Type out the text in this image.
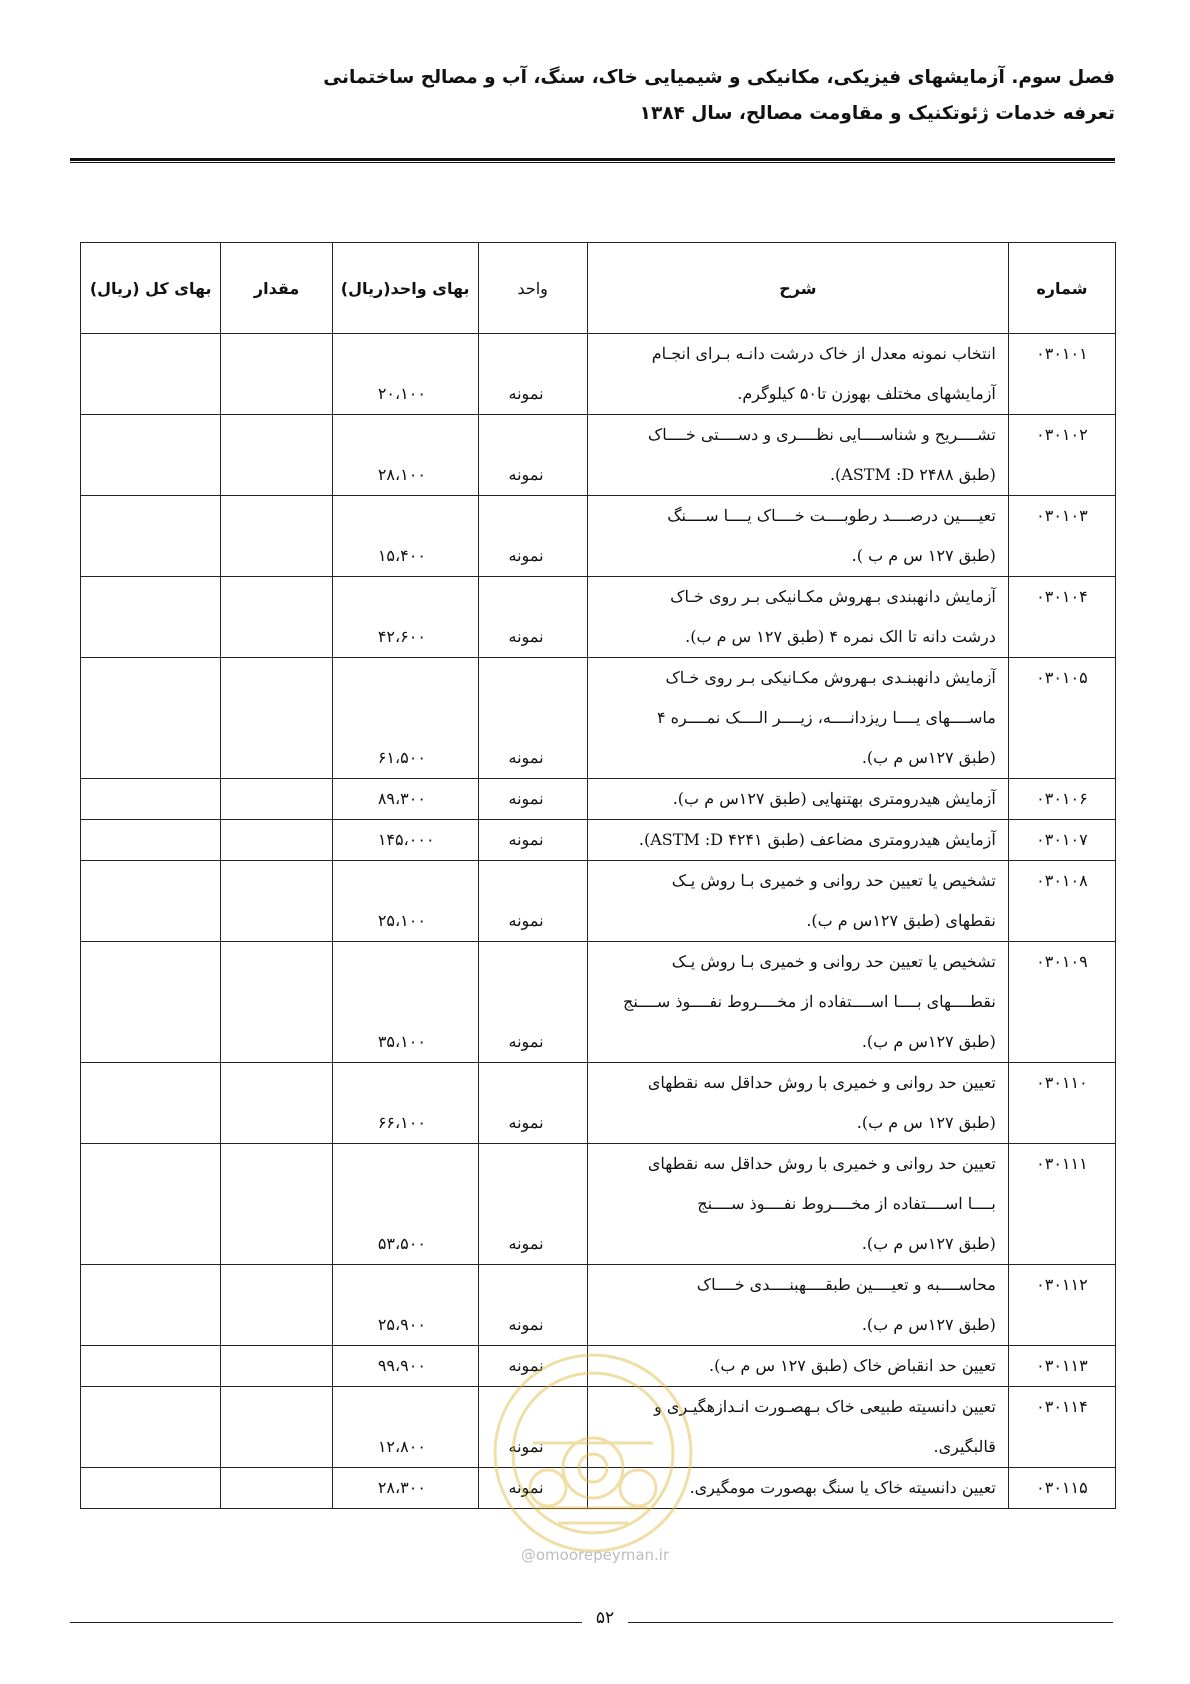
فصل سوم. آزمایشهای فیزیکی، مکانیکی و شیمیایی خاک، سنگ، آب و مصالح ساختمانی
تعرفه خدمات ژئوتکنیک و مقاومت مصالح، سال ۱۳۸۴
شماره	شرح	واحد	بهای واحد(ریال)	مقدار	بهای کل (ریال)
۰۳۰۱۰۱	انتخاب نمونه معدل از خاک درشت دانـه بـرای انجـام
آزمایشهای مختلف بهوزن تا۵۰ کیلوگرم.	نمونه	۲۰،۱۰۰		
۰۳۰۱۰۲	تشــــریح و شناســــایی نظــــری و دســــتی خــــاک
(طبق ASTM :D ۲۴۸۸).	نمونه	۲۸،۱۰۰		
۰۳۰۱۰۳	تعیــــین درصــــد رطوبــــت خــــاک یــــا ســــنگ
(طبق ۱۲۷ س م ب ).	نمونه	۱۵،۴۰۰		
۰۳۰۱۰۴	آزمایش دانهبندی بـهروش مکـانیکی بـر روی خـاک
درشت دانه تا الک نمره ۴ (طبق ۱۲۷ س م ب).	نمونه	۴۲،۶۰۰		
۰۳۰۱۰۵	آزمایش دانهبنـدی بـهروش مکـانیکی بـر روی خـاک
ماســــهای یــــا ریزدانــــه، زیــــر الــــک نمــــره ۴
(طبق ۱۲۷س م ب).	نمونه	۶۱،۵۰۰		
۰۳۰۱۰۶	آزمایش هیدرومتری بهتنهایی (طبق ۱۲۷س م ب).	نمونه	۸۹،۳۰۰		
۰۳۰۱۰۷	آزمایش هیدرومتری مضاعف (طبق ۴۲۴۱ ASTM :D).	نمونه	۱۴۵،۰۰۰		
۰۳۰۱۰۸	تشخیص یا تعیین حد روانی و خمیری بـا روش یـک
نقطهای (طبق ۱۲۷س م ب).	نمونه	۲۵،۱۰۰		
۰۳۰۱۰۹	تشخیص یا تعیین حد روانی و خمیری بـا روش یـک
نقطــــهای بــــا اســــتفاده از مخــــروط نفــــوذ ســــنج
(طبق ۱۲۷س م ب).	نمونه	۳۵،۱۰۰		
۰۳۰۱۱۰	تعیین حد روانی و خمیری با روش حداقل سه نقطهای
(طبق ۱۲۷ س م ب).	نمونه	۶۶،۱۰۰		
۰۳۰۱۱۱	تعیین حد روانی و خمیری با روش حداقل سه نقطهای
بــــا اســــتفاده از مخــــروط نفــــوذ ســــنج
(طبق ۱۲۷س م ب).	نمونه	۵۳،۵۰۰		
۰۳۰۱۱۲	محاســــبه و تعیــــین طبقــــهبنــــدی خــــاک
(طبق ۱۲۷س م ب).	نمونه	۲۵،۹۰۰		
۰۳۰۱۱۳	تعیین حد انقباض خاک (طبق ۱۲۷ س م ب).	نمونه	۹۹،۹۰۰		
۰۳۰۱۱۴	تعیین دانسیته طبیعی خاک بـهصـورت انـدازهگیـری و
قالبگیری.	نمونه	۱۲،۸۰۰		
۰۳۰۱۱۵	تعیین دانسیته خاک یا سنگ بهصورت مومگیری.	نمونه	۲۸،۳۰۰		
@omoorepeyman.ir
۵۲
